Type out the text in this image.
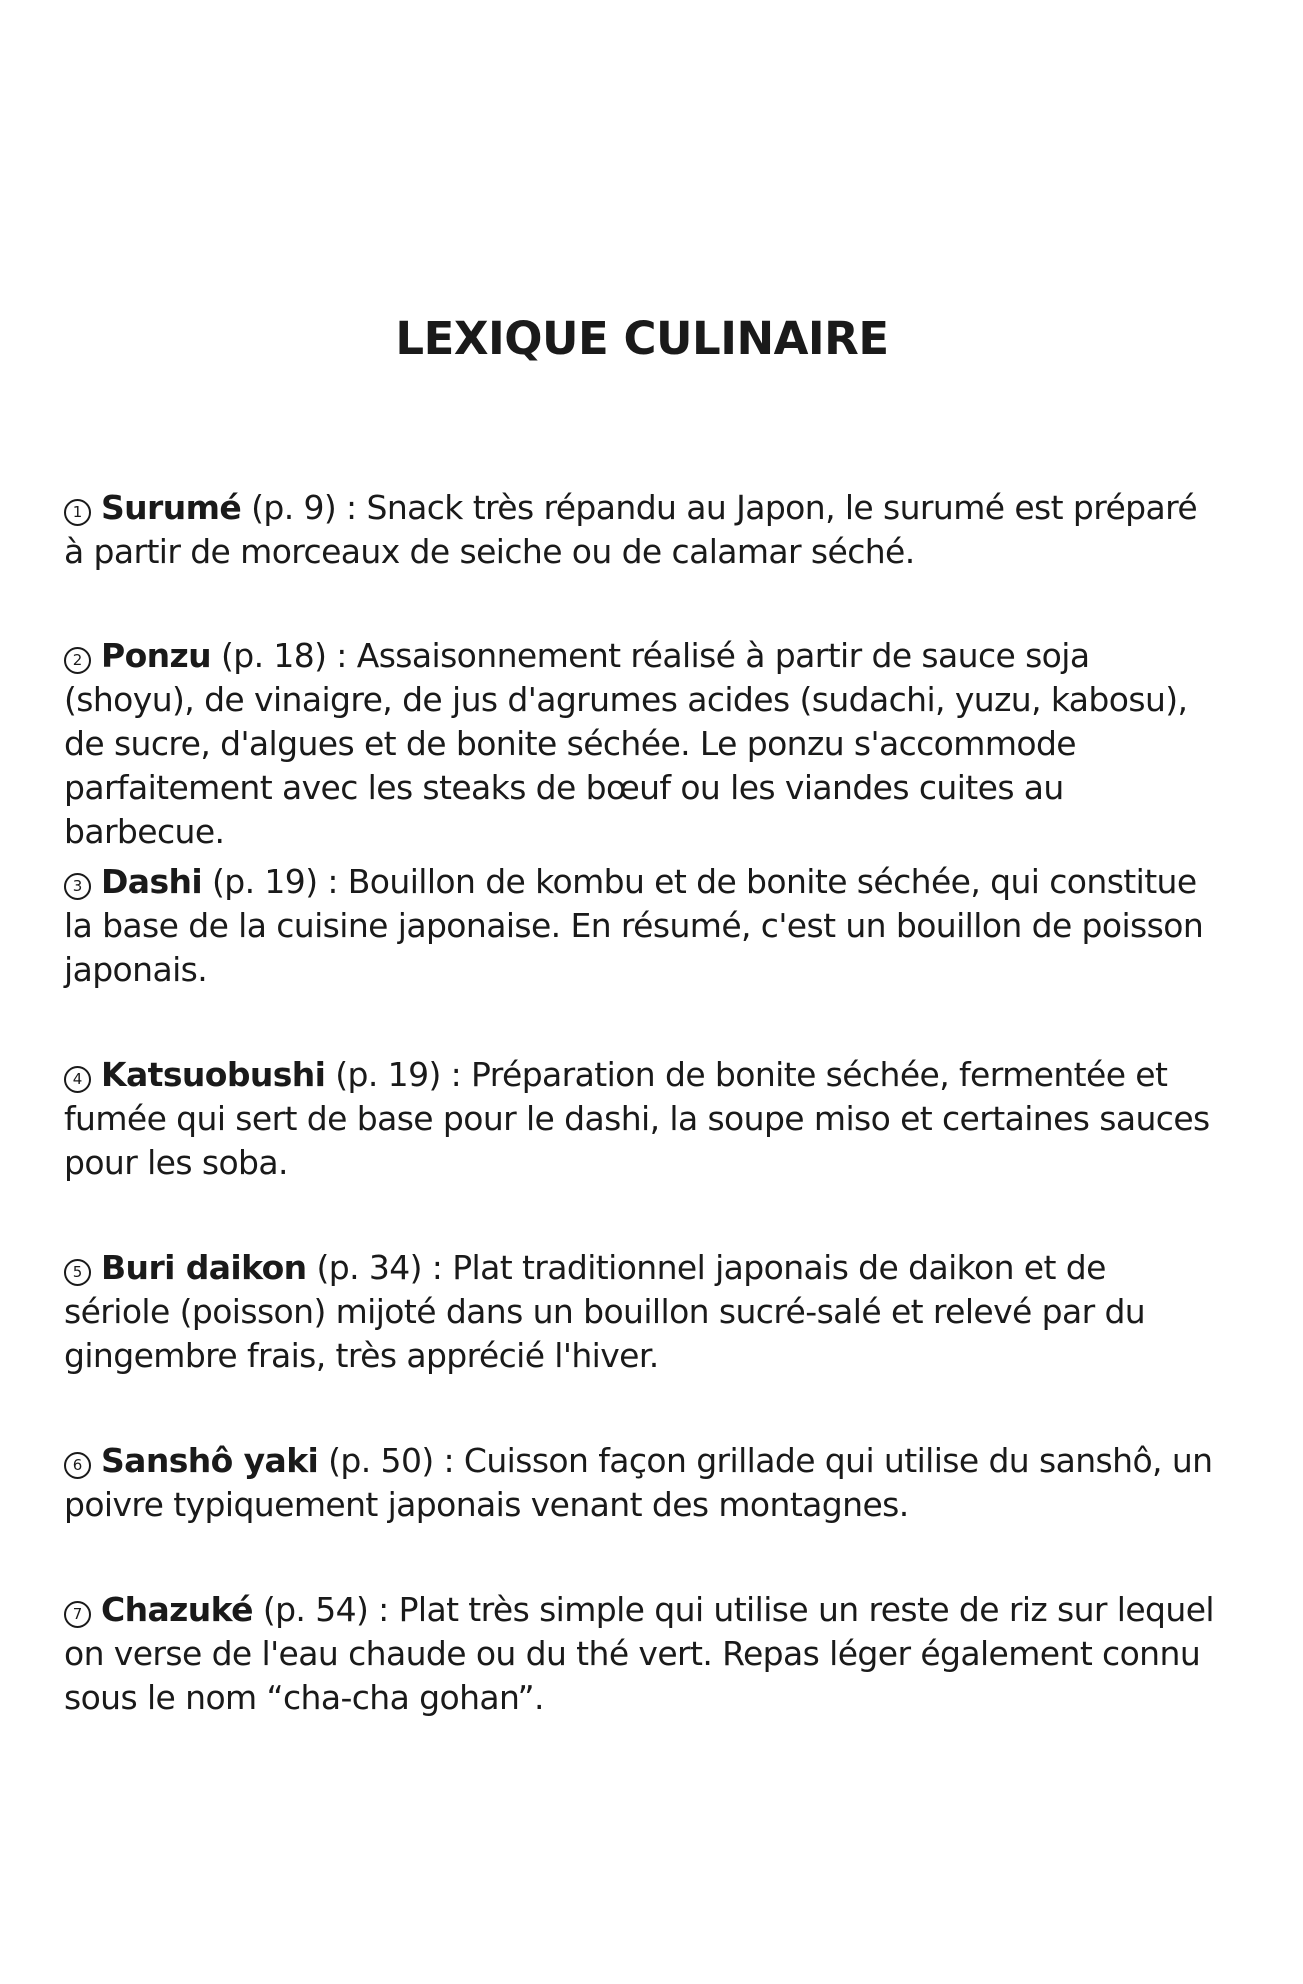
LEXIQUE CULINAIRE

1 Surumé (p. 9) : Snack très répandu au Japon, le surumé est préparé à partir de morceaux de seiche ou de calamar séché.

2 Ponzu (p. 18) : Assaisonnement réalisé à partir de sauce soja (shoyu), de vinaigre, de jus d'agrumes acides (sudachi, yuzu, kabosu), de sucre, d'algues et de bonite séchée. Le ponzu s'accommode parfaitement avec les steaks de bœuf ou les viandes cuites au barbecue.

3 Dashi (p. 19) : Bouillon de kombu et de bonite séchée, qui constitue la base de la cuisine japonaise. En résumé, c'est un bouillon de poisson japonais.

4 Katsuobushi (p. 19) : Préparation de bonite séchée, fermentée et fumée qui sert de base pour le dashi, la soupe miso et certaines sauces pour les soba.

5 Buri daikon (p. 34) : Plat traditionnel japonais de daikon et de sériole (poisson) mijoté dans un bouillon sucré-salé et relevé par du gingembre frais, très apprécié l'hiver.

6 Sanshô yaki (p. 50) : Cuisson façon grillade qui utilise du sanshô, un poivre typiquement japonais venant des montagnes.

7 Chazuké (p. 54) : Plat très simple qui utilise un reste de riz sur lequel on verse de l'eau chaude ou du thé vert. Repas léger également connu sous le nom “cha-cha gohan”.
